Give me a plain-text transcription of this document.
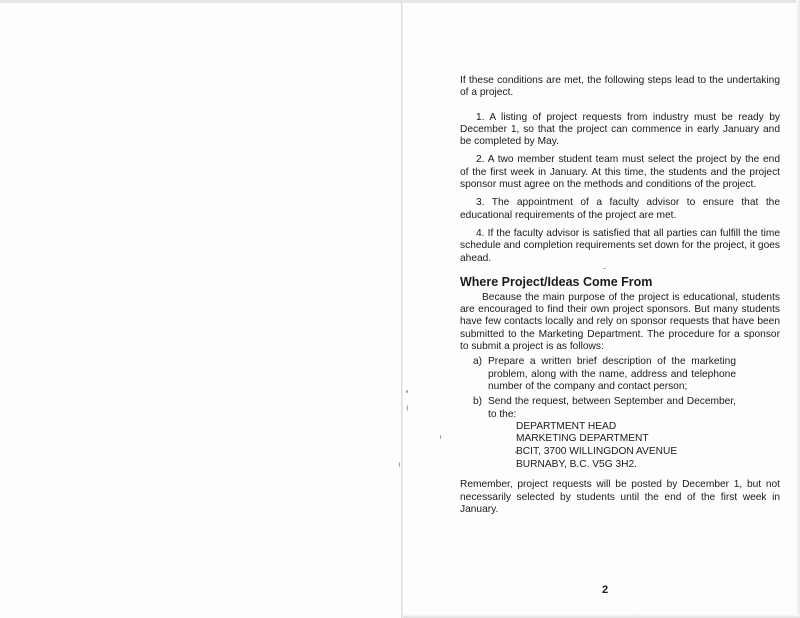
If these conditions are met, the following steps lead to the undertaking of a project.

1. A listing of project requests from industry must be ready by December 1, so that the project can commence in early January and be completed by May.

2. A two member student team must select the project by the end of the first week in January. At this time, the students and the project sponsor must agree on the methods and conditions of the project.

3. The appointment of a faculty advisor to ensure that the educational requirements of the project are met.

4. If the faculty advisor is satisfied that all parties can fulfill the time schedule and completion requirements set down for the project, it goes ahead.

Where Project/Ideas Come From

Because the main purpose of the project is educational, students are encouraged to find their own project sponsors. But many students have few contacts locally and rely on sponsor requests that have been submitted to the Marketing Department. The procedure for a sponsor to submit a project is as follows:

a) Prepare a written brief description of the marketing problem, along with the name, address and telephone number of the company and contact person;
b) Send the request, between September and December, to the:
DEPARTMENT HEAD
MARKETING DEPARTMENT
BCIT, 3700 WILLINGDON AVENUE
BURNABY, B.C. V5G 3H2.

Remember, project requests will be posted by December 1, but not necessarily selected by students until the end of the first week in January.

2
